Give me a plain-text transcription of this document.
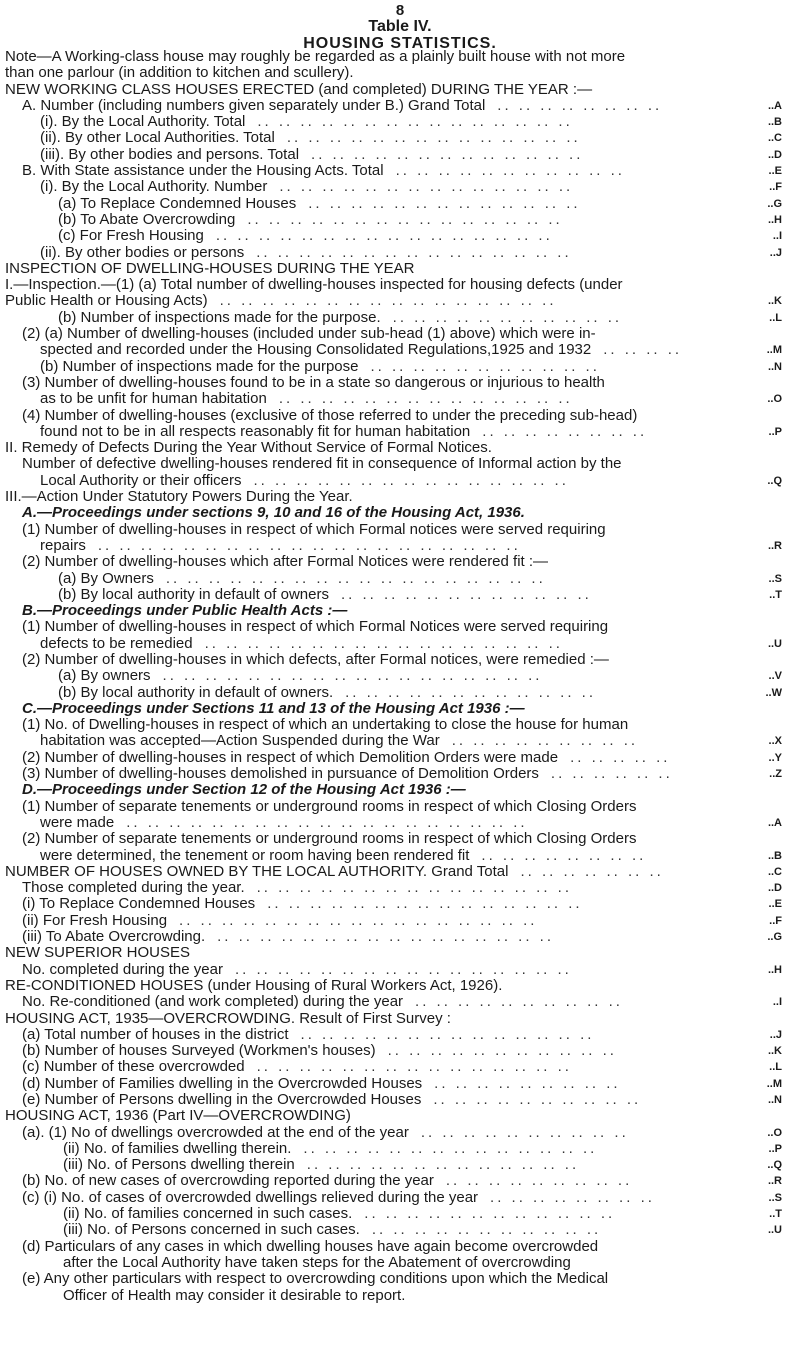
8
Table IV.
HOUSING STATISTICS.
Note—A Working-class house may roughly be regarded as a plainly built house with not more
than one parlour (in addition to kitchen and scullery).
NEW WORKING CLASS HOUSES ERECTED (and completed) DURING THE YEAR :—
A. Number (including numbers given separately under B.) Grand Total	..A
.. .. .. .. .. .. .. ..
(i). By the Local Authority. Total	..B
.. .. .. .. .. .. .. .. .. .. .. .. .. .. ..
(ii). By other Local Authorities. Total	..C
.. .. .. .. .. .. .. .. .. .. .. .. .. ..
(iii). By other bodies and persons. Total	..D
.. .. .. .. .. .. .. .. .. .. .. .. ..
B. With State assistance under the Housing Acts. Total	..E
.. .. .. .. .. .. .. .. .. .. ..
(i). By the Local Authority. Number	..F
.. .. .. .. .. .. .. .. .. .. .. .. .. ..
(a) To Replace Condemned Houses	..G
.. .. .. .. .. .. .. .. .. .. .. .. ..
(b) To Abate Overcrowding	..H
.. .. .. .. .. .. .. .. .. .. .. .. .. .. ..
(c) For Fresh Housing	..I
.. .. .. .. .. .. .. .. .. .. .. .. .. .. .. ..
(ii). By other bodies or persons	..J
.. .. .. .. .. .. .. .. .. .. .. .. .. .. ..
INSPECTION OF DWELLING-HOUSES DURING THE YEAR
I.—Inspection.—(1) (a) Total number of dwelling-houses inspected for housing defects (under
Public Health or Housing Acts)	..K
.. .. .. .. .. .. .. .. .. .. .. .. .. .. .. ..
(b) Number of inspections made for the purpose.	..L
.. .. .. .. .. .. .. .. .. .. ..
(2) (a) Number of dwelling-houses (included under sub-head (1) above) which were in-
spected and recorded under the Housing Consolidated Regulations,1925 and 1932	..M
.. .. .. ..
(b) Number of inspections made for the purpose	..N
.. .. .. .. .. .. .. .. .. .. ..
(3) Number of dwelling-houses found to be in a state so dangerous or injurious to health
as to be unfit for human habitation	..O
.. .. .. .. .. .. .. .. .. .. .. .. .. ..
(4) Number of dwelling-houses (exclusive of those referred to under the preceding sub-head)
found not to be in all respects reasonably fit for human habitation	..P
.. .. .. .. .. .. .. ..
II. Remedy of Defects During the Year Without Service of Formal Notices.
Number of defective dwelling-houses rendered fit in consequence of Informal action by the
Local Authority or their officers	..Q
.. .. .. .. .. .. .. .. .. .. .. .. .. .. ..
III.—Action Under Statutory Powers During the Year.
A.—Proceedings under sections 9, 10 and 16 of the Housing Act, 1936.
(1) Number of dwelling-houses in respect of which Formal notices were served requiring
repairs	..R
.. .. .. .. .. .. .. .. .. .. .. .. .. .. .. .. .. .. .. ..
(2) Number of dwelling-houses which after Formal Notices were rendered fit :—
(a) By Owners	..S
.. .. .. .. .. .. .. .. .. .. .. .. .. .. .. .. .. ..
(b) By local authority in default of owners	..T
.. .. .. .. .. .. .. .. .. .. .. ..
B.—Proceedings under Public Health Acts :—
(1) Number of dwelling-houses in respect of which Formal Notices were served requiring
defects to be remedied	..U
.. .. .. .. .. .. .. .. .. .. .. .. .. .. .. .. ..
(2) Number of dwelling-houses in which defects, after Formal notices, were remedied :—
(a) By owners	..V
.. .. .. .. .. .. .. .. .. .. .. .. .. .. .. .. .. ..
(b) By local authority in default of owners.	..W
.. .. .. .. .. .. .. .. .. .. .. ..
C.—Proceedings under Sections 11 and 13 of the Housing Act 1936 :—
(1) No. of Dwelling-houses in respect of which an undertaking to close the house for human
habitation was accepted—Action Suspended during the War	..X
.. .. .. .. .. .. .. .. ..
(2) Number of dwelling-houses in respect of which Demolition Orders were made	..Y
.. .. .. .. ..
(3) Number of dwelling-houses demolished in pursuance of Demolition Orders	..Z
.. .. .. .. .. ..
D.—Proceedings under Section 12 of the Housing Act 1936 :—
(1) Number of separate tenements or underground rooms in respect of which Closing Orders
were made	..A
.. .. .. .. .. .. .. .. .. .. .. .. .. .. .. .. .. .. ..
(2) Number of separate tenements or underground rooms in respect of which Closing Orders
were determined, the tenement or room having been rendered fit	..B
.. .. .. .. .. .. .. ..
NUMBER OF HOUSES OWNED BY THE LOCAL AUTHORITY. Grand Total	..C
.. .. .. .. .. .. ..
Those completed during the year.	..D
.. .. .. .. .. .. .. .. .. .. .. .. .. .. ..
(i) To Replace Condemned Houses	..E
.. .. .. .. .. .. .. .. .. .. .. .. .. .. ..
(ii) For Fresh Housing	..F
.. .. .. .. .. .. .. .. .. .. .. .. .. .. .. .. ..
(iii) To Abate Overcrowding.	..G
.. .. .. .. .. .. .. .. .. .. .. .. .. .. .. ..
NEW SUPERIOR HOUSES
No. completed during the year	..H
.. .. .. .. .. .. .. .. .. .. .. .. .. .. .. ..
RE-CONDITIONED HOUSES (under Housing of Rural Workers Act, 1926).
No. Re-conditioned (and work completed) during the year	..I
.. .. .. .. .. .. .. .. .. ..
HOUSING ACT, 1935—OVERCROWDING. Result of First Survey :
(a) Total number of houses in the district	..J
.. .. .. .. .. .. .. .. .. .. .. .. .. ..
(b) Number of houses Surveyed (Workmen's houses)	..K
.. .. .. .. .. .. .. .. .. .. ..
(c) Number of these overcrowded	..L
.. .. .. .. .. .. .. .. .. .. .. .. .. .. ..
(d) Number of Families dwelling in the Overcrowded Houses	..M
.. .. .. .. .. .. .. .. ..
(e) Number of Persons dwelling in the Overcrowded Houses	..N
.. .. .. .. .. .. .. .. .. ..
HOUSING ACT, 1936 (Part IV—OVERCROWDING)
(a). (1) No of dwellings overcrowded at the end of the year	..O
.. .. .. .. .. .. .. .. .. ..
(ii) No. of families dwelling therein.	..P
.. .. .. .. .. .. .. .. .. .. .. .. .. ..
(iii) No. of Persons dwelling therein	..Q
.. .. .. .. .. .. .. .. .. .. .. .. ..
(b) No. of new cases of overcrowding reported during the year	..R
.. .. .. .. .. .. .. .. ..
(c) (i) No. of cases of overcrowded dwellings relieved during the year	..S
.. .. .. .. .. .. .. ..
(ii) No. of families concerned in such cases.	..T
.. .. .. .. .. .. .. .. .. .. .. ..
(iii) No. of Persons concerned in such cases.	..U
.. .. .. .. .. .. .. .. .. .. ..
(d) Particulars of any cases in which dwelling houses have again become overcrowded
after the Local Authority have taken steps for the Abatement of overcrowding
(e) Any other particulars with respect to overcrowding conditions upon which the Medical
Officer of Health may consider it desirable to report.
